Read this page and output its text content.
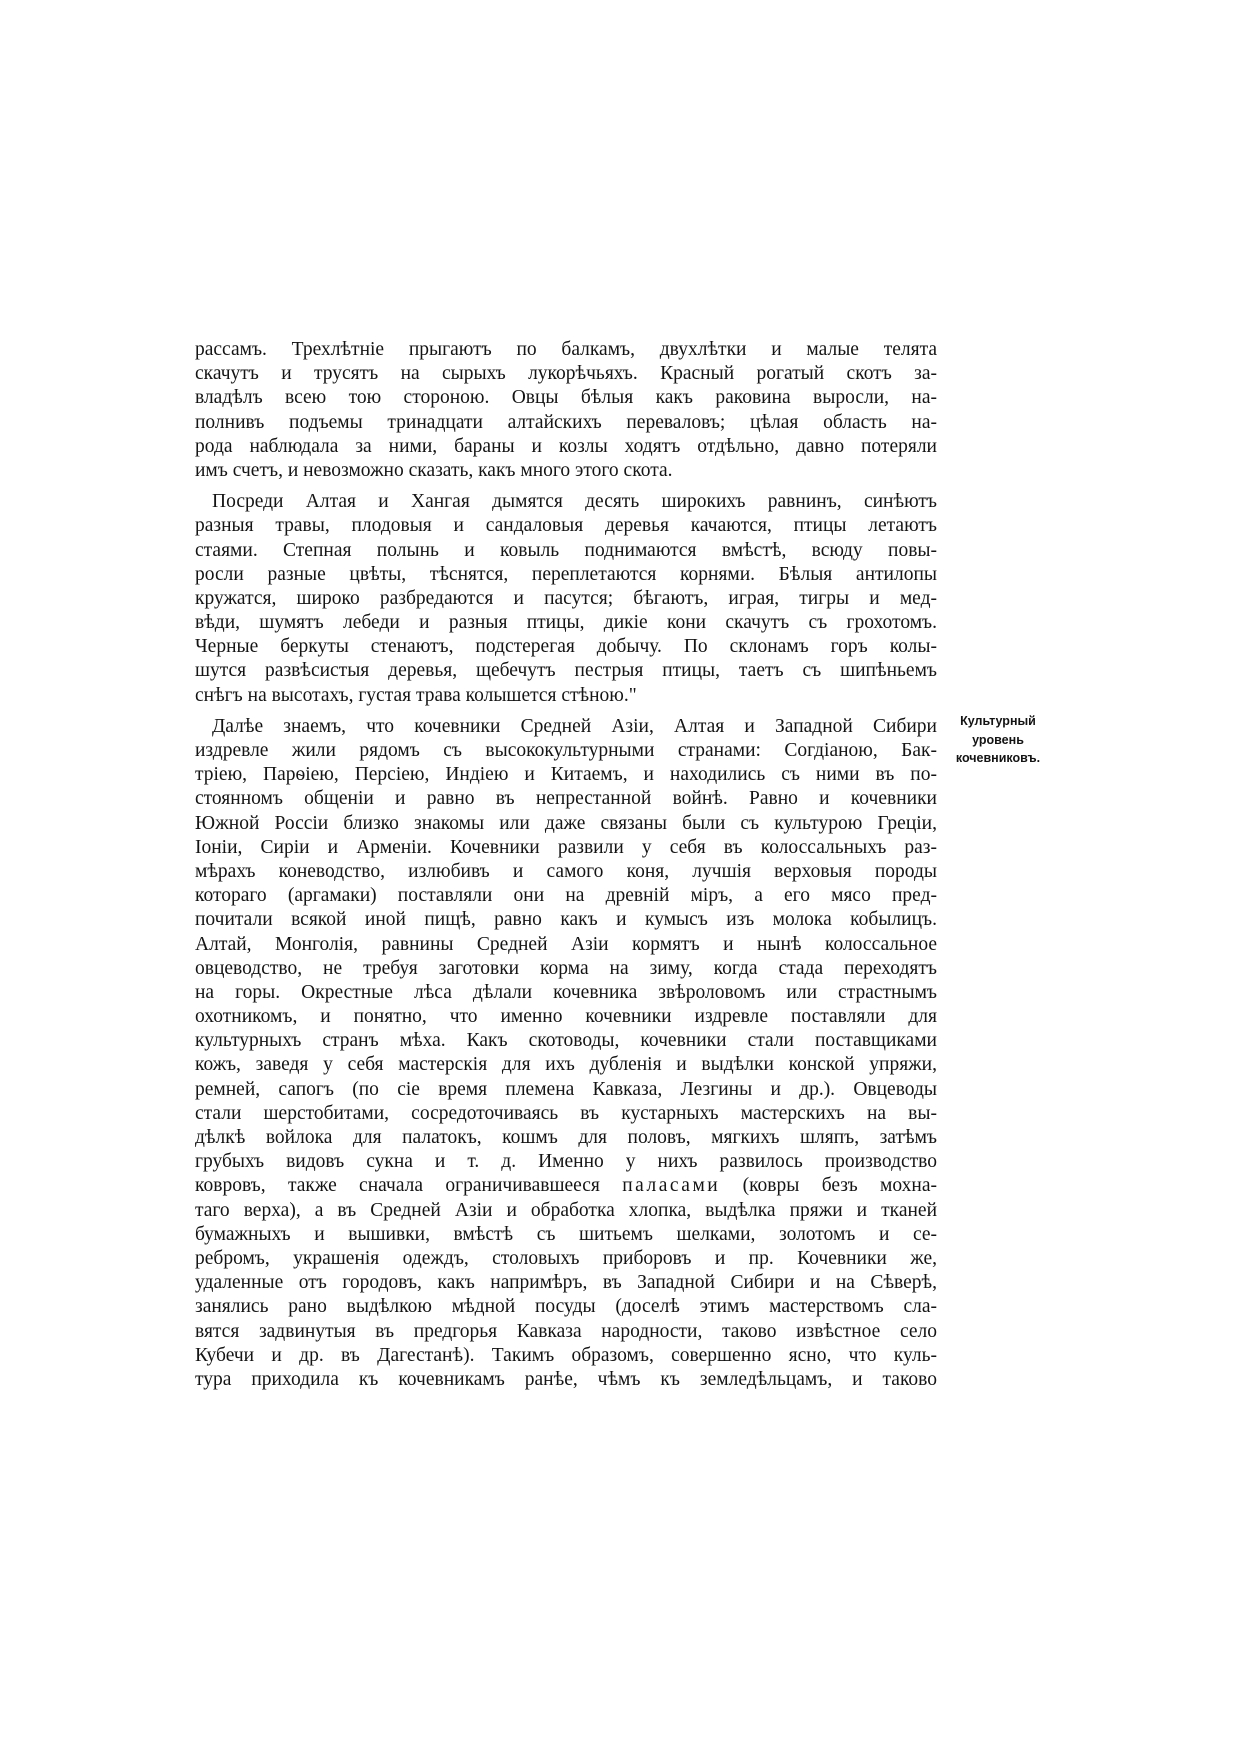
рассамъ. Трехлѣтніе прыгаютъ по балкамъ, двухлѣтки и малые телята
скачутъ и трусятъ на сырыхъ лукорѣчьяхъ. Красный рогатый скотъ за-
владѣлъ всею тою стороною. Овцы бѣлыя какъ раковина выросли, на-
полнивъ подъемы тринадцати алтайскихъ переваловъ; цѣлая область на-
рода наблюдала за ними, бараны и козлы ходятъ отдѣльно, давно потеряли
имъ счетъ, и невозможно сказать, какъ много этого скота.
Посреди Алтая и Хангая дымятся десять широкихъ равнинъ, синѣютъ
разныя травы, плодовыя и сандаловыя деревья качаются, птицы летаютъ
стаями. Степная полынь и ковыль поднимаются вмѣстѣ, всюду повы-
росли разные цвѣты, тѣснятся, переплетаются корнями. Бѣлыя антилопы
кружатся, широко разбредаются и пасутся; бѣгаютъ, играя, тигры и мед-
вѣди, шумятъ лебеди и разныя птицы, дикіе кони скачутъ съ грохотомъ.
Черные беркуты стенаютъ, подстерегая добычу. По склонамъ горъ колы-
шутся развѣсистыя деревья, щебечутъ пестрыя птицы, таетъ съ шипѣньемъ
снѣгъ на высотахъ, густая трава колышется стѣною."
Далѣе знаемъ, что кочевники Средней Азіи, Алтая и Западной Сибири
издревле жили рядомъ съ высококультурными странами: Согдіаною, Бак-
тріею, Парѳіею, Персіею, Индіею и Китаемъ, и находились съ ними въ по-
стоянномъ общеніи и равно въ непрестанной войнѣ. Равно и кочевники
Южной Россіи близко знакомы или даже связаны были съ культурою Греціи,
Іоніи, Сиріи и Арменіи. Кочевники развили у себя въ колоссальныхъ раз-
мѣрахъ коневодство, излюбивъ и самого коня, лучшія верховыя породы
котораго (аргамаки) поставляли они на древній міръ, а его мясо пред-
почитали всякой иной пищѣ, равно какъ и кумысъ изъ молока кобылицъ.
Алтай, Монголія, равнины Средней Азіи кормятъ и нынѣ колоссальное
овцеводство, не требуя заготовки корма на зиму, когда стада переходятъ
на горы. Окрестные лѣса дѣлали кочевника звѣроловомъ или страстнымъ
охотникомъ, и понятно, что именно кочевники издревле поставляли для
культурныхъ странъ мѣха. Какъ скотоводы, кочевники стали поставщиками
кожъ, заведя у себя мастерскія для ихъ дубленія и выдѣлки конской упряжи,
ремней, сапогъ (по сіе время племена Кавказа, Лезгины и др.). Овцеводы
стали шерстобитами, сосредоточиваясь въ кустарныхъ мастерскихъ на вы-
дѣлкѣ войлока для палатокъ, кошмъ для половъ, мягкихъ шляпъ, затѣмъ
грубыхъ видовъ сукна и т. д. Именно у нихъ развилось производство
ковровъ, также сначала ограничивавшееся паласами (ковры безъ мохна-
таго верха), а въ Средней Азіи и обработка хлопка, выдѣлка пряжи и тканей
бумажныхъ и вышивки, вмѣстѣ съ шитьемъ шелками, золотомъ и се-
ребромъ, украшенія одеждъ, столовыхъ приборовъ и пр. Кочевники же,
удаленные отъ городовъ, какъ напримѣръ, въ Западной Сибири и на Сѣверѣ,
занялись рано выдѣлкою мѣдной посуды (доселѣ этимъ мастерствомъ сла-
вятся задвинутыя въ предгорья Кавказа народности, таково извѣстное село
Кубечи и др. въ Дагестанѣ). Такимъ образомъ, совершенно ясно, что куль-
тура приходила къ кочевникамъ ранѣе, чѣмъ къ земледѣльцамъ, и таково
Культурный
уровень
кочевниковъ.
